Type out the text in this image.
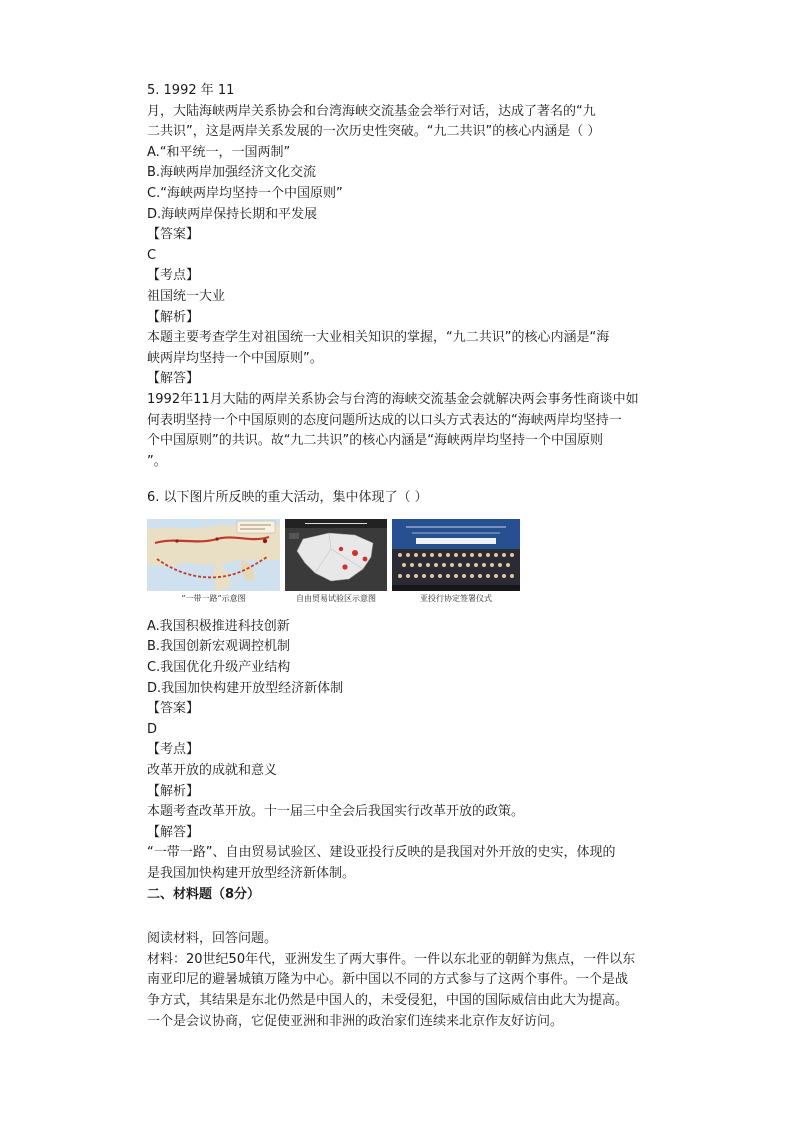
5. 1992 年 11
月，大陆海峡两岸关系协会和台湾海峡交流基金会举行对话，达成了著名的“九
二共识”，这是两岸关系发展的一次历史性突破。“九二共识”的核心内涵是（ ）
A.“和平统一，一国两制”
B.海峡两岸加强经济文化交流
C.“海峡两岸均坚持一个中国原则”
D.海峡两岸保持长期和平发展
【答案】
C
【考点】
祖国统一大业
【解析】
本题主要考查学生对祖国统一大业相关知识的掌握，“九二共识”的核心内涵是“海
峡两岸均坚持一个中国原则”。
【解答】
1992年11月大陆的两岸关系协会与台湾的海峡交流基金会就解决两会事务性商谈中如
何表明坚持一个中国原则的态度问题所达成的以口头方式表达的“海峡两岸均坚持一
个中国原则”的共识。故“九二共识”的核心内涵是“海峡两岸均坚持一个中国原则
”。
6. 以下图片所反映的重大活动，集中体现了（ ）
“一带一路”示意图	自由贸易试验区示意图	亚投行协定签署仪式
A.我国积极推进科技创新
B.我国创新宏观调控机制
C.我国优化升级产业结构
D.我国加快构建开放型经济新体制
【答案】
D
【考点】
改革开放的成就和意义
【解析】
本题考查改革开放。十一届三中全会后我国实行改革开放的政策。
【解答】
“一带一路”、自由贸易试验区、建设亚投行反映的是我国对外开放的史实，体现的
是我国加快构建开放型经济新体制。
二、材料题（8分）
阅读材料，回答问题。
材料：20世纪50年代，亚洲发生了两大事件。一件以东北亚的朝鲜为焦点，一件以东
南亚印尼的避暑城镇万隆为中心。新中国以不同的方式参与了这两个事件。一个是战
争方式，其结果是东北仍然是中国人的，未受侵犯，中国的国际威信由此大为提高。
一个是会议协商，它促使亚洲和非洲的政治家们连续来北京作友好访问。
